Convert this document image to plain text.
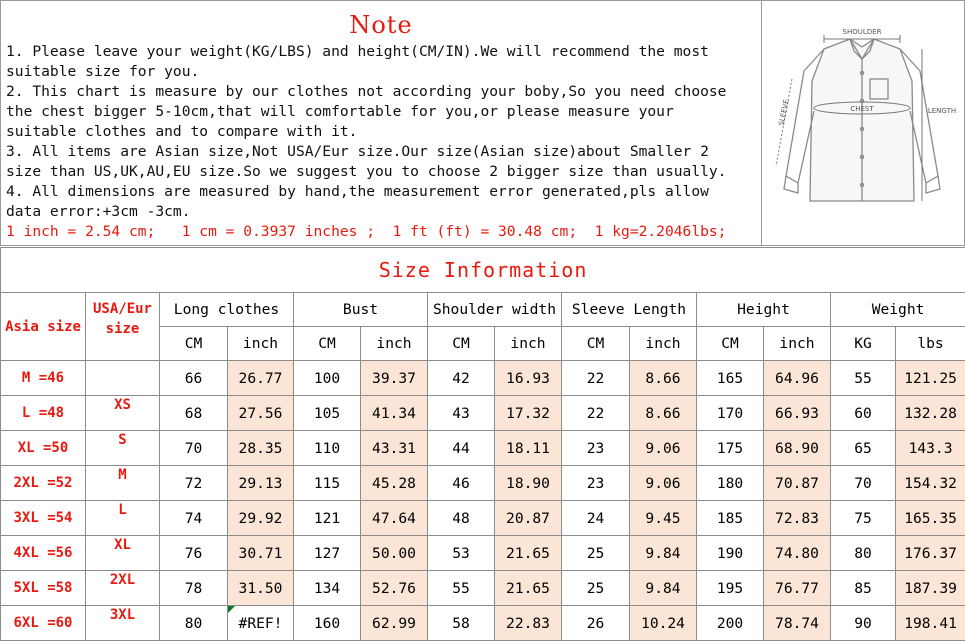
Note
1. Please leave your weight(KG/LBS) and height(CM/IN).We will recommend the most
suitable size for you.
2. This chart is measure by our clothes not according your boby,So you need choose
the chest bigger 5-10cm,that will comfortable for you,or please measure your
suitable clothes and to compare with it.
3. All items are Asian size,Not USA/Eur size.Our size(Asian size)about Smaller 2
size than US,UK,AU,EU size.So we suggest you to choose 2 bigger size than usually.
4. All dimensions are measured by hand,the measurement error generated,pls allow
data error:+3cm -3cm.
1 inch = 2.54 cm;   1 cm = 0.3937 inches ;  1 ft (ft) = 30.48 cm;  1 kg=2.2046lbs;
SHOULDER
CHEST	LENGTH
SLEEVE
Size Information													
Asia size	USA/Eur size	Long clothes		Bust		Shoulder width		Sleeve Length		Height		Weight	
		CM	inch	CM	inch	CM	inch	CM	inch	CM	inch	KG	lbs
M =46		66	26.77	100	39.37	42	16.93	22	8.66	165	64.96	55	121.25
L =48	XS	68	27.56	105	41.34	43	17.32	22	8.66	170	66.93	60	132.28
XL =50	S	70	28.35	110	43.31	44	18.11	23	9.06	175	68.90	65	143.3
2XL =52	M	72	29.13	115	45.28	46	18.90	23	9.06	180	70.87	70	154.32
3XL =54	L	74	29.92	121	47.64	48	20.87	24	9.45	185	72.83	75	165.35
4XL =56	XL	76	30.71	127	50.00	53	21.65	25	9.84	190	74.80	80	176.37
5XL =58	2XL	78	31.50	134	52.76	55	21.65	25	9.84	195	76.77	85	187.39
6XL =60	3XL	80	#REF!	160	62.99	58	22.83	26	10.24	200	78.74	90	198.41
